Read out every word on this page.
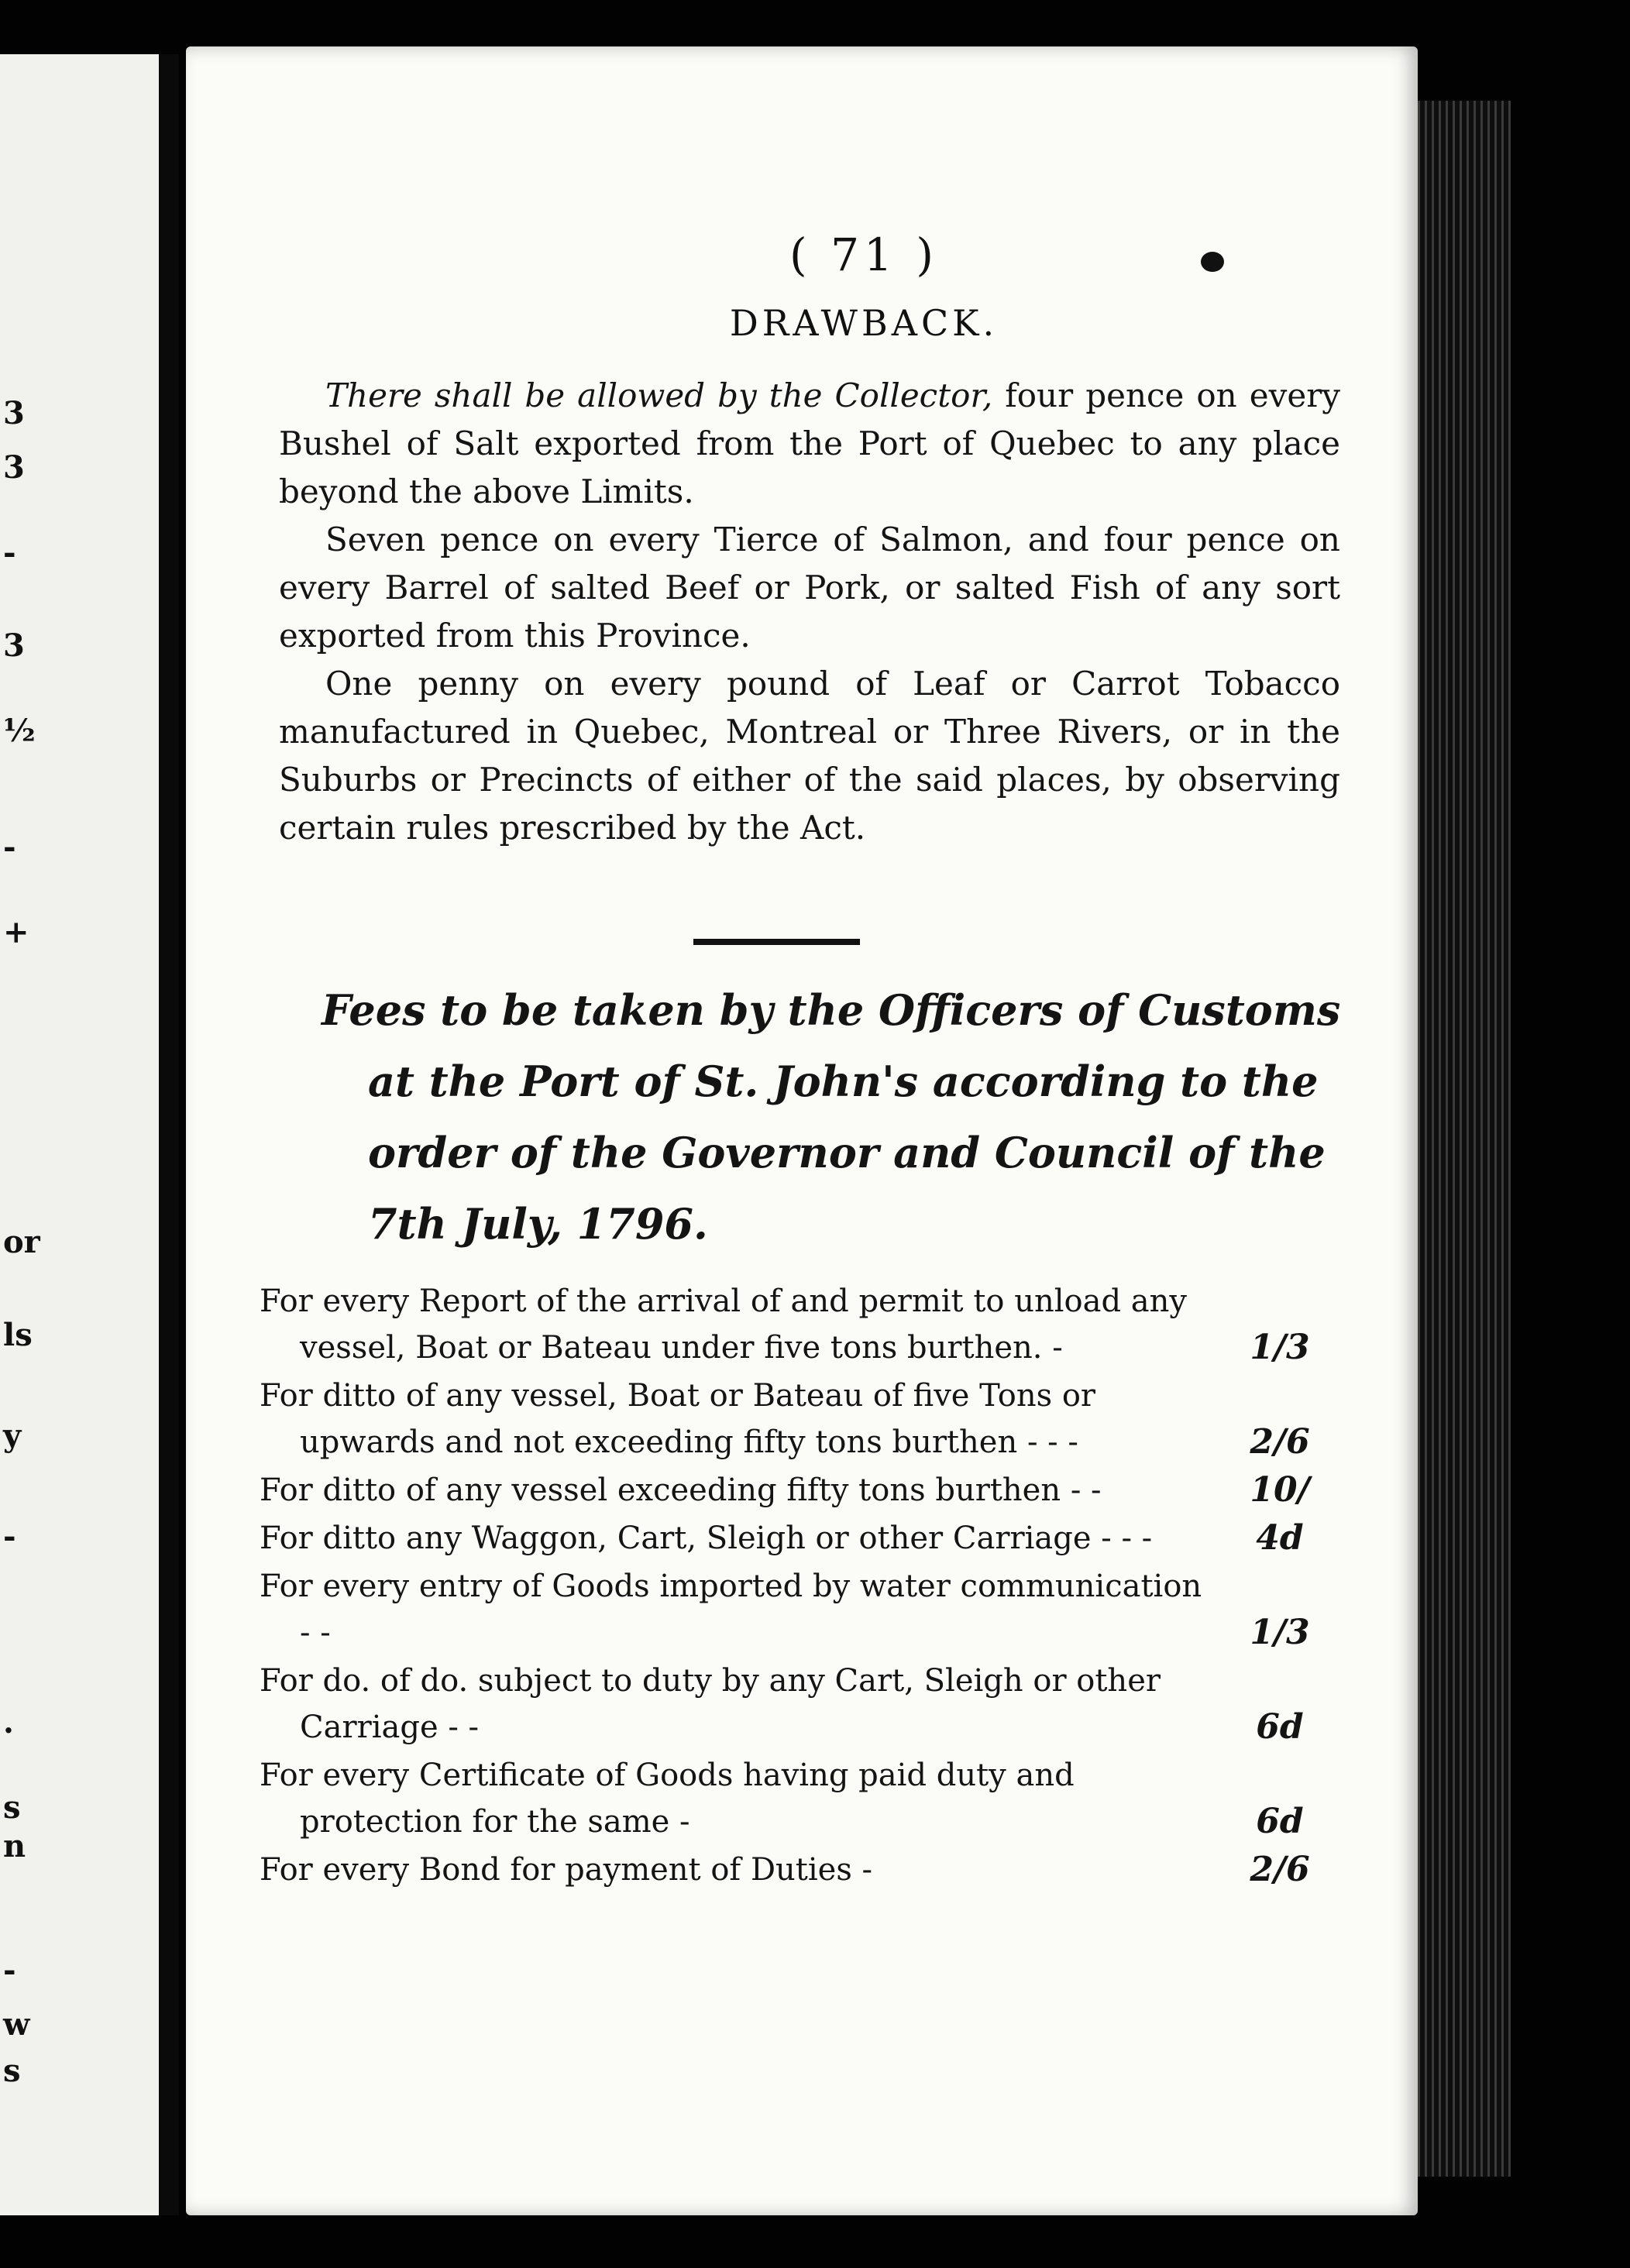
3
3
-
3
½
-
+
or
ls
y
-
.
s
n
-
w
s
( 71 )
DRAWBACK.

There shall be allowed by the Collector, four pence on every Bushel of Salt exported from the Port of Quebec to any place beyond the above Limits.

Seven pence on every Tierce of Salmon, and four pence on every Barrel of salted Beef or Pork, or salted Fish of any sort exported from this Province.

One penny on every pound of Leaf or Carrot Tobacco manufactured in Quebec, Montreal or Three Rivers, or in the Suburbs or Precincts of either of the said places, by observing certain rules prescribed by the Act.

Fees to be taken by the Officers of Customs at the Port of St. John's according to the order of the Governor and Council of the 7th July, 1796.
For every Report of the arrival of and permit to unload any vessel, Boat or Bateau under five tons burthen. -	1/3
For ditto of any vessel, Boat or Bateau of five Tons or upwards and not exceeding fifty tons burthen - - -	2/6
For ditto of any vessel exceeding fifty tons burthen - -	10/
For ditto any Waggon, Cart, Sleigh or other Carriage - - -	4d
For every entry of Goods imported by water communication - -	1/3
For do. of do. subject to duty by any Cart, Sleigh or other Carriage - -	6d
For every Certificate of Goods having paid duty and protection for the same -	6d
For every Bond for payment of Duties -	2/6
